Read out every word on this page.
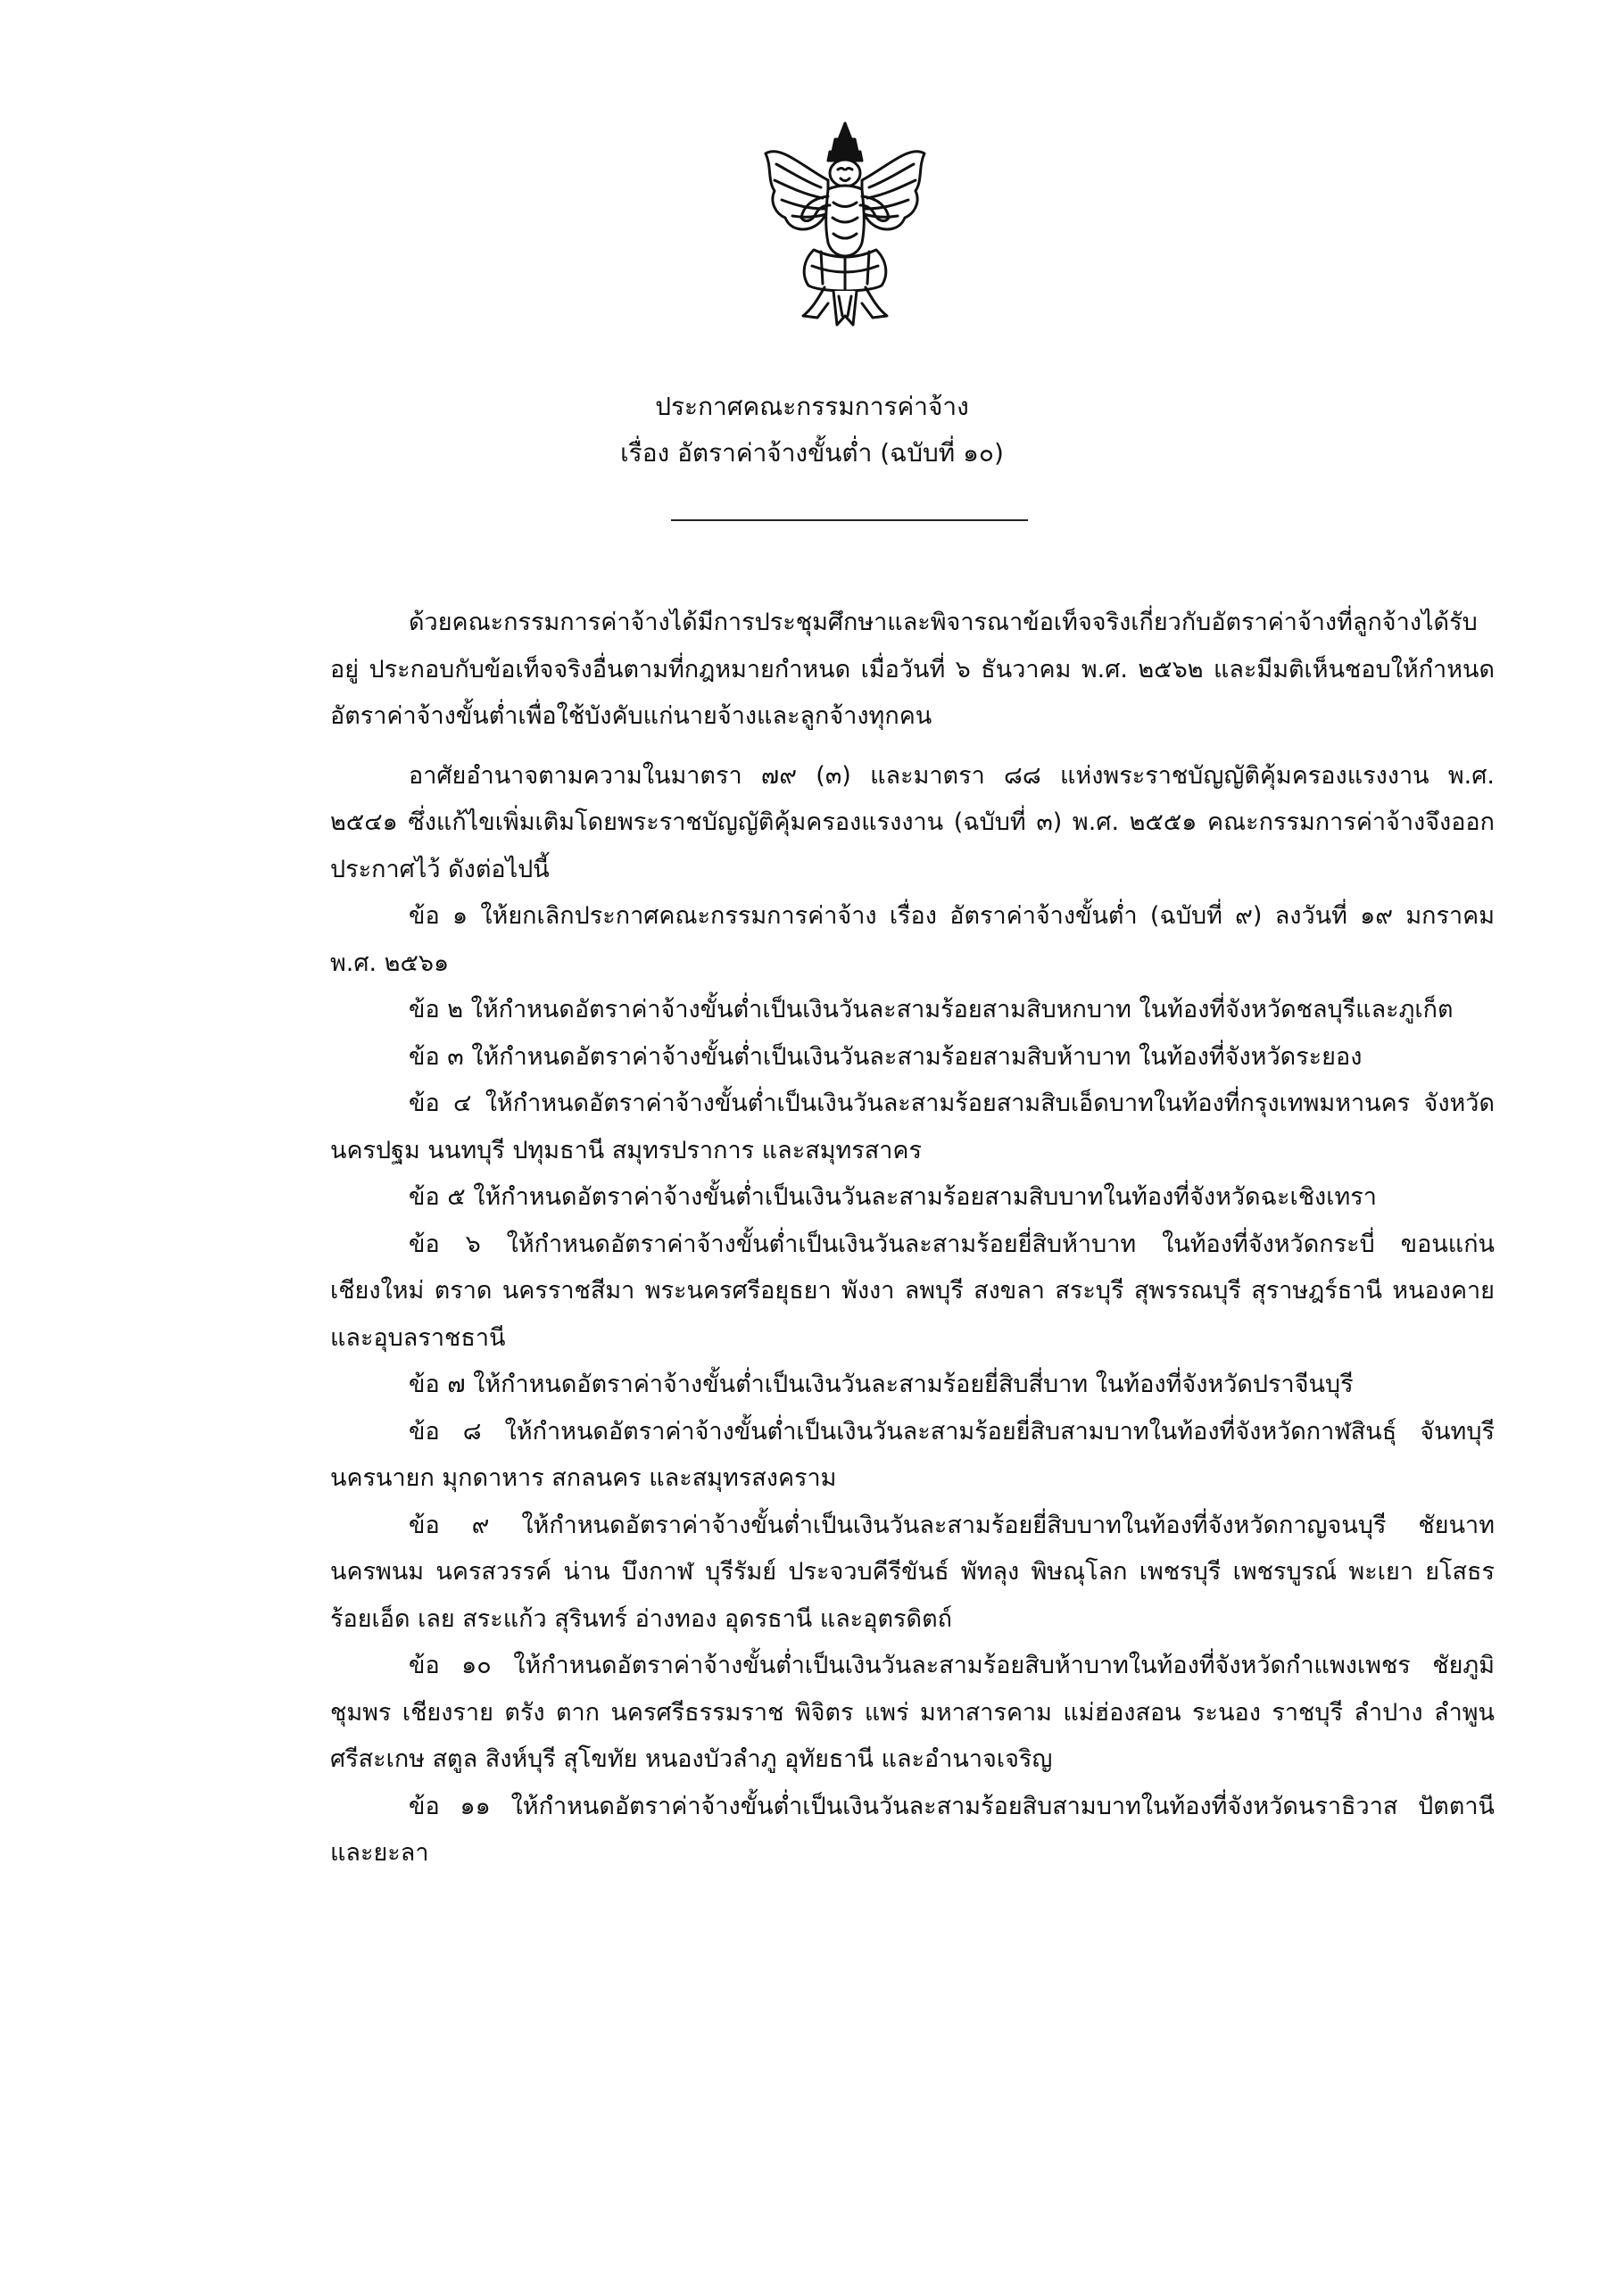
ประกาศคณะกรรมการค่าจ้าง
เรื่อง อัตราค่าจ้างขั้นต่ำ (ฉบับที่ ๑๐)

ด้วยคณะกรรมการค่าจ้างได้มีการประชุมศึกษาและพิจารณาข้อเท็จจริงเกี่ยวกับอัตราค่าจ้างที่ลูกจ้างได้รับอยู่ ประกอบกับข้อเท็จจริงอื่นตามที่กฎหมายกำหนด เมื่อวันที่ ๖ ธันวาคม พ.ศ. ๒๕๖๒ และมีมติเห็นชอบให้กำหนดอัตราค่าจ้างขั้นต่ำเพื่อใช้บังคับแก่นายจ้างและลูกจ้างทุกคน

อาศัยอำนาจตามความในมาตรา ๗๙ (๓) และมาตรา ๘๘ แห่งพระราชบัญญัติคุ้มครองแรงงาน พ.ศ. ๒๕๔๑ ซึ่งแก้ไขเพิ่มเติมโดยพระราชบัญญัติคุ้มครองแรงงาน (ฉบับที่ ๓) พ.ศ. ๒๕๕๑ คณะกรรมการค่าจ้างจึงออกประกาศไว้ ดังต่อไปนี้

ข้อ ๑ ให้ยกเลิกประกาศคณะกรรมการค่าจ้าง เรื่อง อัตราค่าจ้างขั้นต่ำ (ฉบับที่ ๙) ลงวันที่ ๑๙ มกราคม พ.ศ. ๒๕๖๑

ข้อ ๒ ให้กำหนดอัตราค่าจ้างขั้นต่ำเป็นเงินวันละสามร้อยสามสิบหกบาท ในท้องที่จังหวัดชลบุรีและภูเก็ต

ข้อ ๓ ให้กำหนดอัตราค่าจ้างขั้นต่ำเป็นเงินวันละสามร้อยสามสิบห้าบาท ในท้องที่จังหวัดระยอง

ข้อ ๔ ให้กำหนดอัตราค่าจ้างขั้นต่ำเป็นเงินวันละสามร้อยสามสิบเอ็ดบาทในท้องที่กรุงเทพมหานคร จังหวัดนครปฐม นนทบุรี ปทุมธานี สมุทรปราการ และสมุทรสาคร

ข้อ ๕ ให้กำหนดอัตราค่าจ้างขั้นต่ำเป็นเงินวันละสามร้อยสามสิบบาทในท้องที่จังหวัดฉะเชิงเทรา

ข้อ ๖ ให้กำหนดอัตราค่าจ้างขั้นต่ำเป็นเงินวันละสามร้อยยี่สิบห้าบาท ในท้องที่จังหวัดกระบี่ ขอนแก่น เชียงใหม่ ตราด นครราชสีมา พระนครศรีอยุธยา พังงา ลพบุรี สงขลา สระบุรี สุพรรณบุรี สุราษฎร์ธานี หนองคาย และอุบลราชธานี

ข้อ ๗ ให้กำหนดอัตราค่าจ้างขั้นต่ำเป็นเงินวันละสามร้อยยี่สิบสี่บาท ในท้องที่จังหวัดปราจีนบุรี

ข้อ ๘ ให้กำหนดอัตราค่าจ้างขั้นต่ำเป็นเงินวันละสามร้อยยี่สิบสามบาทในท้องที่จังหวัดกาฬสินธุ์ จันทบุรี นครนายก มุกดาหาร สกลนคร และสมุทรสงคราม

ข้อ ๙ ให้กำหนดอัตราค่าจ้างขั้นต่ำเป็นเงินวันละสามร้อยยี่สิบบาทในท้องที่จังหวัดกาญจนบุรี ชัยนาท นครพนม นครสวรรค์ น่าน บึงกาฬ บุรีรัมย์ ประจวบคีรีขันธ์ พัทลุง พิษณุโลก เพชรบุรี เพชรบูรณ์ พะเยา ยโสธร ร้อยเอ็ด เลย สระแก้ว สุรินทร์ อ่างทอง อุดรธานี และอุตรดิตถ์

ข้อ ๑๐ ให้กำหนดอัตราค่าจ้างขั้นต่ำเป็นเงินวันละสามร้อยสิบห้าบาทในท้องที่จังหวัดกำแพงเพชร ชัยภูมิ ชุมพร เชียงราย ตรัง ตาก นครศรีธรรมราช พิจิตร แพร่ มหาสารคาม แม่ฮ่องสอน ระนอง ราชบุรี ลำปาง ลำพูน ศรีสะเกษ สตูล สิงห์บุรี สุโขทัย หนองบัวลำภู อุทัยธานี และอำนาจเจริญ

ข้อ ๑๑ ให้กำหนดอัตราค่าจ้างขั้นต่ำเป็นเงินวันละสามร้อยสิบสามบาทในท้องที่จังหวัดนราธิวาส ปัตตานี และยะลา
